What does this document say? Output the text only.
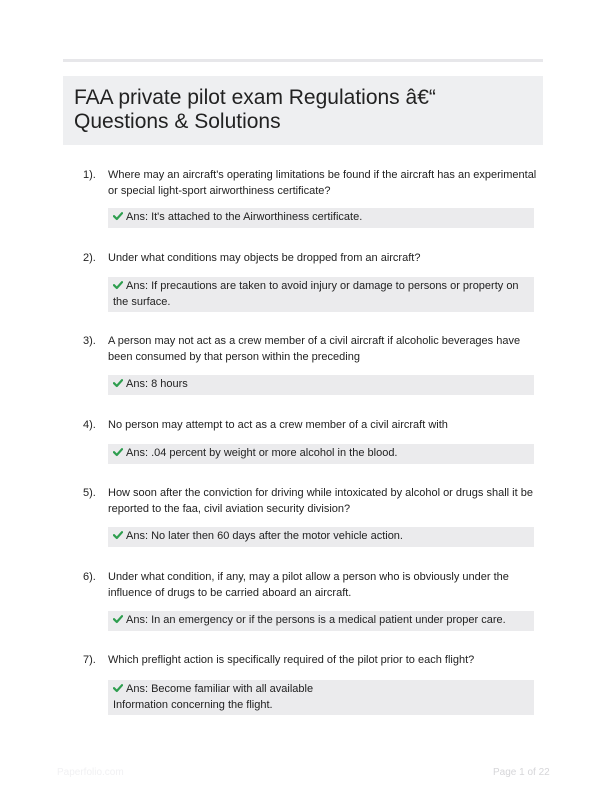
FAA private pilot exam Regulations â€“ Questions & Solutions
1). Where may an aircraft's operating limitations be found if the aircraft has an experimental or special light-sport airworthiness certificate?
Ans: It's attached to the Airworthiness certificate.
2). Under what conditions may objects be dropped from an aircraft?
Ans: If precautions are taken to avoid injury or damage to persons or property on the surface.
3). A person may not act as a crew member of a civil aircraft if alcoholic beverages have been consumed by that person within the preceding
Ans: 8 hours
4). No person may attempt to act as a crew member of a civil aircraft with
Ans: .04 percent by weight or more alcohol in the blood.
5). How soon after the conviction for driving while intoxicated by alcohol or drugs shall it be reported to the faa, civil aviation security division?
Ans: No later then 60 days after the motor vehicle action.
6). Under what condition, if any, may a pilot allow a person who is obviously under the influence of drugs to be carried aboard an aircraft.
Ans: In an emergency or if the persons is a medical patient under proper care.
7). Which preflight action is specifically required of the pilot prior to each flight?
Ans: Become familiar with all available
Information concerning the flight.
Paperfolio.com	Page 1 of 22
